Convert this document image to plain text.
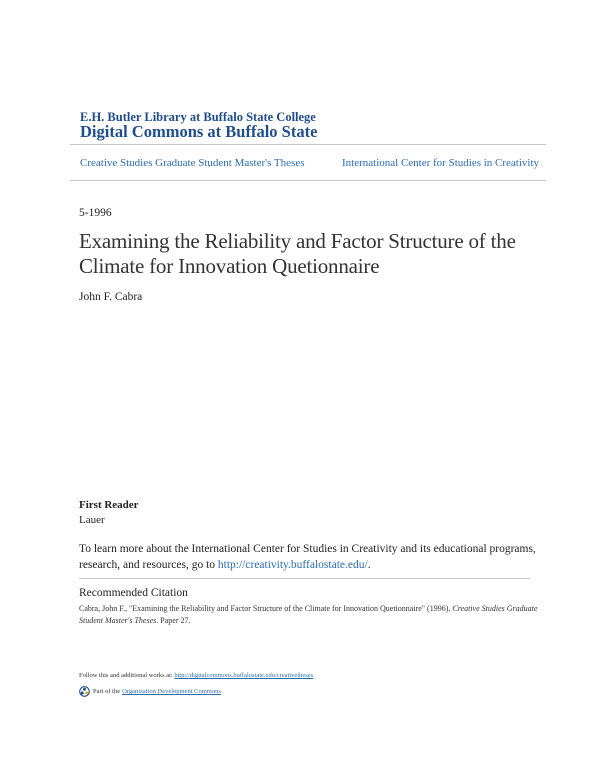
E.H. Butler Library at Buffalo State College
Digital Commons at Buffalo State
Creative Studies Graduate Student Master's Theses	International Center for Studies in Creativity
5-1996
Examining the Reliability and Factor Structure of the Climate for Innovation Quetionnaire
John F. Cabra
First Reader
Lauer
To learn more about the International Center for Studies in Creativity and its educational programs, research, and resources, go to http://creativity.buffalostate.edu/.
Recommended Citation
Cabra, John F., "Examining the Reliability and Factor Structure of the Climate for Innovation Quetionnaire" (1996). Creative Studies Graduate Student Master's Theses. Paper 27.
Follow this and additional works at: http://digitalcommons.buffalostate.edu/creativetheses
Part of the Organization Development Commons
